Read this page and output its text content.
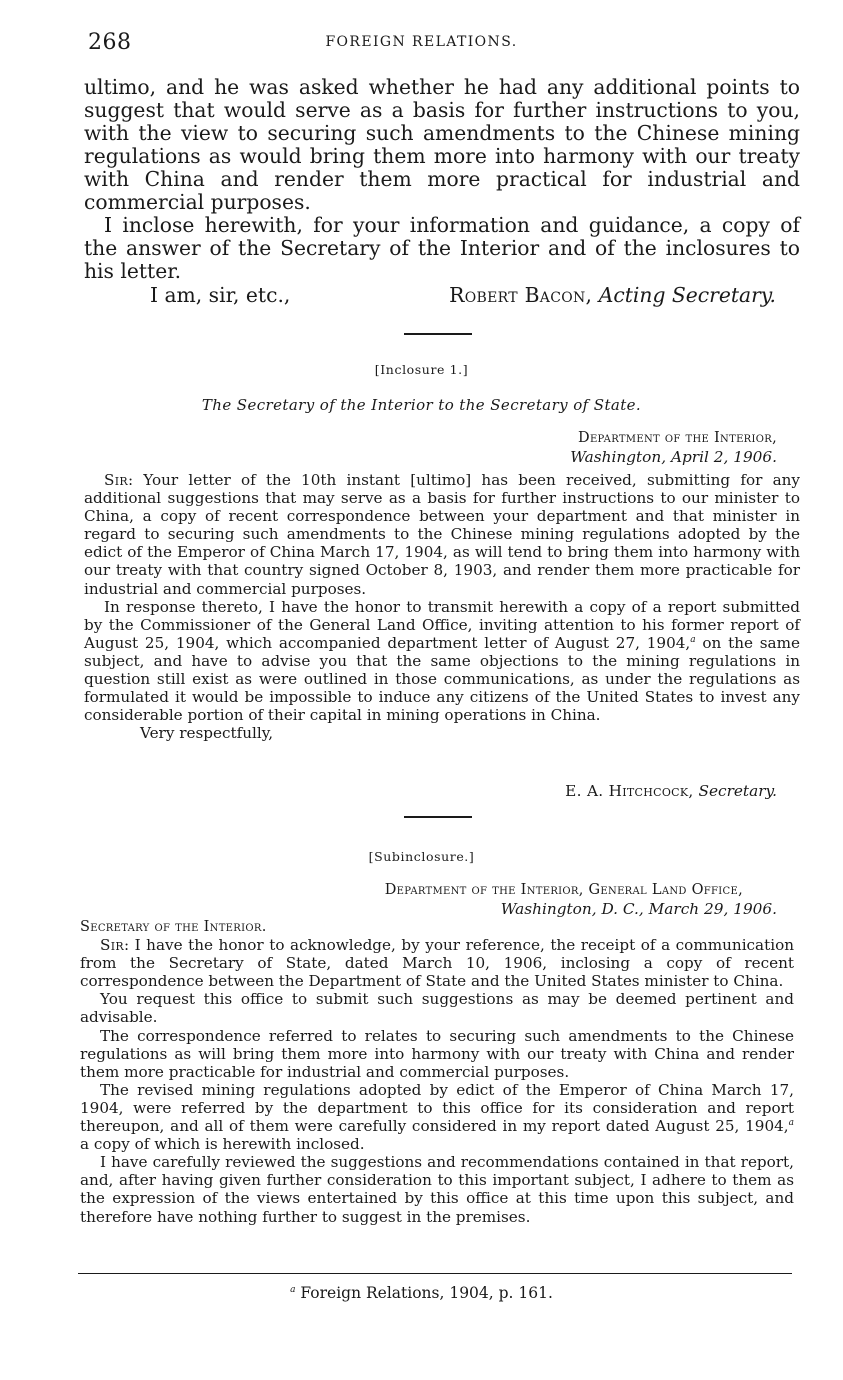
268	FOREIGN RELATIONS.

ultimo, and he was asked whether he had any additional points to suggest that would serve as a basis for further instructions to you, with the view to securing such amendments to the Chinese mining regulations as would bring them more into harmony with our treaty with China and render them more practical for industrial and commercial purposes.

I inclose herewith, for your information and guidance, a copy of the answer of the Secretary of the Interior and of the inclosures to his letter.

I am, sir, etc.,	Robert Bacon, Acting Secretary.
[Inclosure 1.]
The Secretary of the Interior to the Secretary of State.
Department of the Interior,
Washington, April 2, 1906.

Sir: Your letter of the 10th instant [ultimo] has been received, submitting for any additional suggestions that may serve as a basis for further instructions to our minister to China, a copy of recent correspondence between your department and that minister in regard to securing such amendments to the Chinese mining regulations adopted by the edict of the Emperor of China March 17, 1904, as will tend to bring them into harmony with our treaty with that country signed October 8, 1903, and render them more practicable for industrial and commercial purposes.

In response thereto, I have the honor to transmit herewith a copy of a report submitted by the Commissioner of the General Land Office, inviting attention to his former report of August 25, 1904, which accompanied department letter of August 27, 1904,$^a$ on the same subject, and have to advise you that the same objections to the mining regulations in question still exist as were outlined in those communications, as under the regulations as formulated it would be impossible to induce any citizens of the United States to invest any considerable portion of their capital in mining operations in China.

Very respectfully,

E. A. Hitchcock, Secretary.
[Subinclosure.]
Department of the Interior, General Land Office,
Washington, D. C., March 29, 1906.

Secretary of the Interior.

Sir: I have the honor to acknowledge, by your reference, the receipt of a communication from the Secretary of State, dated March 10, 1906, inclosing a copy of recent correspondence between the Department of State and the United States minister to China.

You request this office to submit such suggestions as may be deemed pertinent and advisable.

The correspondence referred to relates to securing such amendments to the Chinese regulations as will bring them more into harmony with our treaty with China and render them more practicable for industrial and commercial purposes.

The revised mining regulations adopted by edict of the Emperor of China March 17, 1904, were referred by the department to this office for its consideration and report thereupon, and all of them were carefully considered in my report dated August 25, 1904,$^a$ a copy of which is herewith inclosed.

I have carefully reviewed the suggestions and recommendations contained in that report, and, after having given further consideration to this important subject, I adhere to them as the expression of the views entertained by this office at this time upon this subject, and therefore have nothing further to suggest in the premises.

$^a$ Foreign Relations, 1904, p. 161.
